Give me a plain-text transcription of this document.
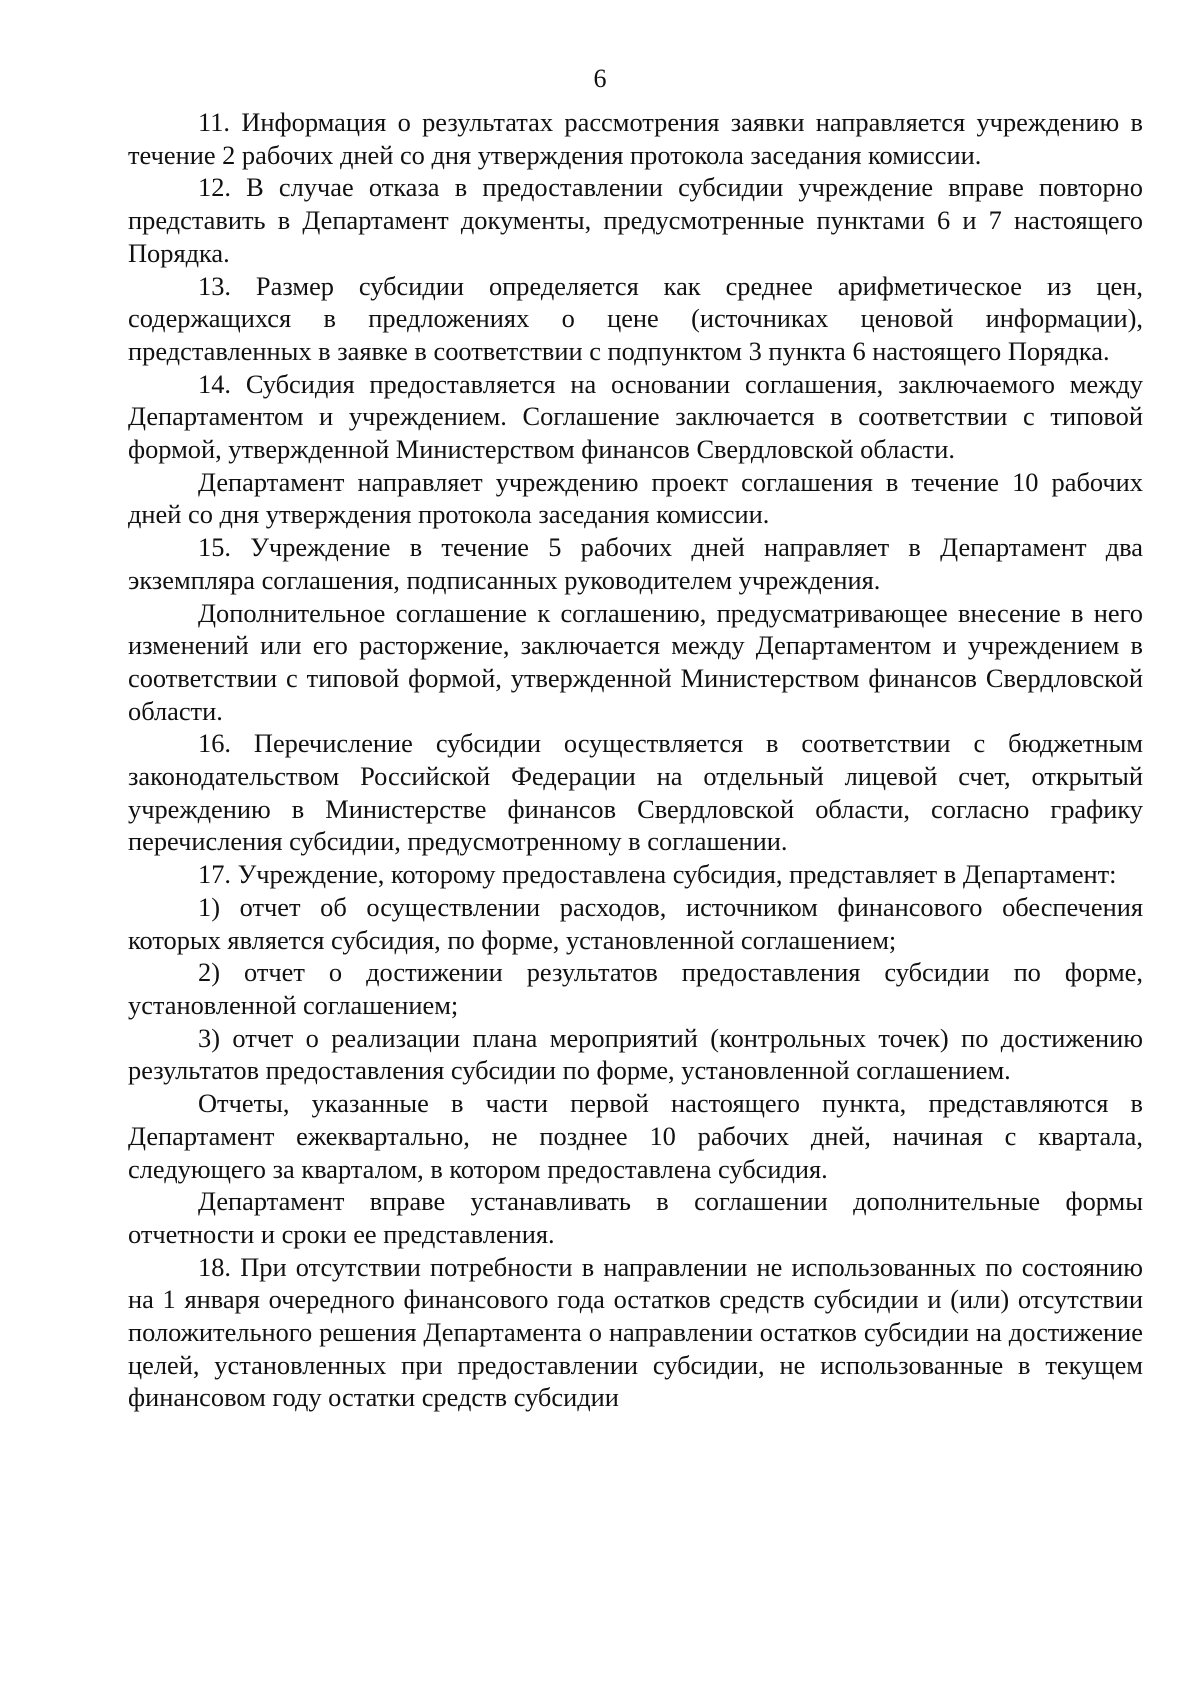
6

11. Информация о результатах рассмотрения заявки направляется учреждению в течение 2 рабочих дней со дня утверждения протокола заседания комиссии.

12. В случае отказа в предоставлении субсидии учреждение вправе повторно представить в Департамент документы, предусмотренные пунктами 6 и 7 настоящего Порядка.

13. Размер субсидии определяется как среднее арифметическое из цен, содержащихся в предложениях о цене (источниках ценовой информации), представленных в заявке в соответствии с подпунктом 3 пункта 6 настоящего Порядка.

14. Субсидия предоставляется на основании соглашения, заключаемого между Департаментом и учреждением. Соглашение заключается в соответствии с типовой формой, утвержденной Министерством финансов Свердловской области.

Департамент направляет учреждению проект соглашения в течение 10 рабочих дней со дня утверждения протокола заседания комиссии.

15. Учреждение в течение 5 рабочих дней направляет в Департамент два экземпляра соглашения, подписанных руководителем учреждения.

Дополнительное соглашение к соглашению, предусматривающее внесение в него изменений или его расторжение, заключается между Департаментом и учреждением в соответствии с типовой формой, утвержденной Министерством финансов Свердловской области.

16. Перечисление субсидии осуществляется в соответствии с бюджетным законодательством Российской Федерации на отдельный лицевой счет, открытый учреждению в Министерстве финансов Свердловской области, согласно графику перечисления субсидии, предусмотренному в соглашении.

17. Учреждение, которому предоставлена субсидия, представляет в Департамент:

1) отчет об осуществлении расходов, источником финансового обеспечения которых является субсидия, по форме, установленной соглашением;

2) отчет о достижении результатов предоставления субсидии по форме, установленной соглашением;

3) отчет о реализации плана мероприятий (контрольных точек) по достижению результатов предоставления субсидии по форме, установленной соглашением.

Отчеты, указанные в части первой настоящего пункта, представляются в Департамент ежеквартально, не позднее 10 рабочих дней, начиная с квартала, следующего за кварталом, в котором предоставлена субсидия.

Департамент вправе устанавливать в соглашении дополнительные формы отчетности и сроки ее представления.

18. При отсутствии потребности в направлении не использованных по состоянию на 1 января очередного финансового года остатков средств субсидии и (или) отсутствии положительного решения Департамента о направлении остатков субсидии на достижение целей, установленных при предоставлении субсидии, не использованные в текущем финансовом году остатки средств субсидии
